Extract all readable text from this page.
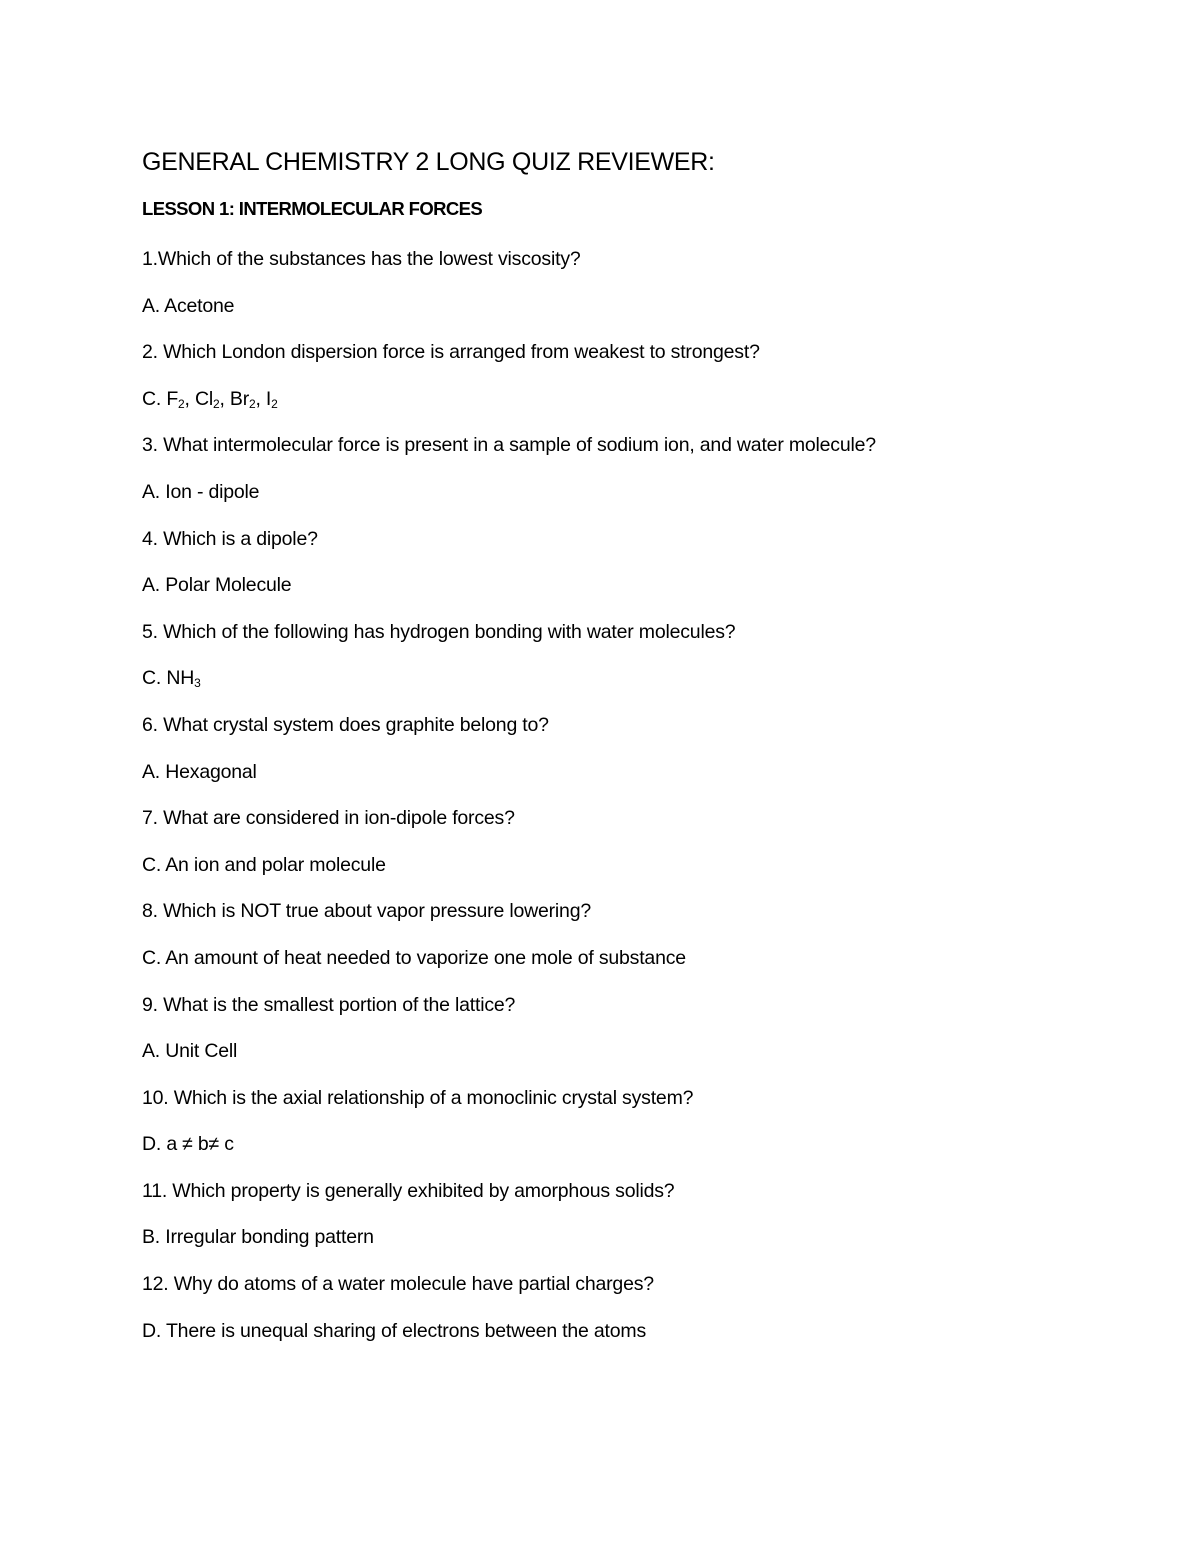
GENERAL CHEMISTRY 2 LONG QUIZ REVIEWER:
LESSON 1: INTERMOLECULAR FORCES

1.Which of the substances has the lowest viscosity?

A. Acetone

2. Which London dispersion force is arranged from weakest to strongest?

C. $F_2$, $Cl_2$, $Br_2$, $I_2$

3. What intermolecular force is present in a sample of sodium ion, and water molecule?

A. Ion - dipole

4. Which is a dipole?

A. Polar Molecule

5. Which of the following has hydrogen bonding with water molecules?

C. $NH_3$

6. What crystal system does graphite belong to?

A. Hexagonal

7. What are considered in ion-dipole forces?

C. An ion and polar molecule

8. Which is NOT true about vapor pressure lowering?

C. An amount of heat needed to vaporize one mole of substance

9. What is the smallest portion of the lattice?

A. Unit Cell

10. Which is the axial relationship of a monoclinic crystal system?

D. a ≠ b≠ c

11. Which property is generally exhibited by amorphous solids?

B. Irregular bonding pattern

12. Why do atoms of a water molecule have partial charges?

D. There is unequal sharing of electrons between the atoms
